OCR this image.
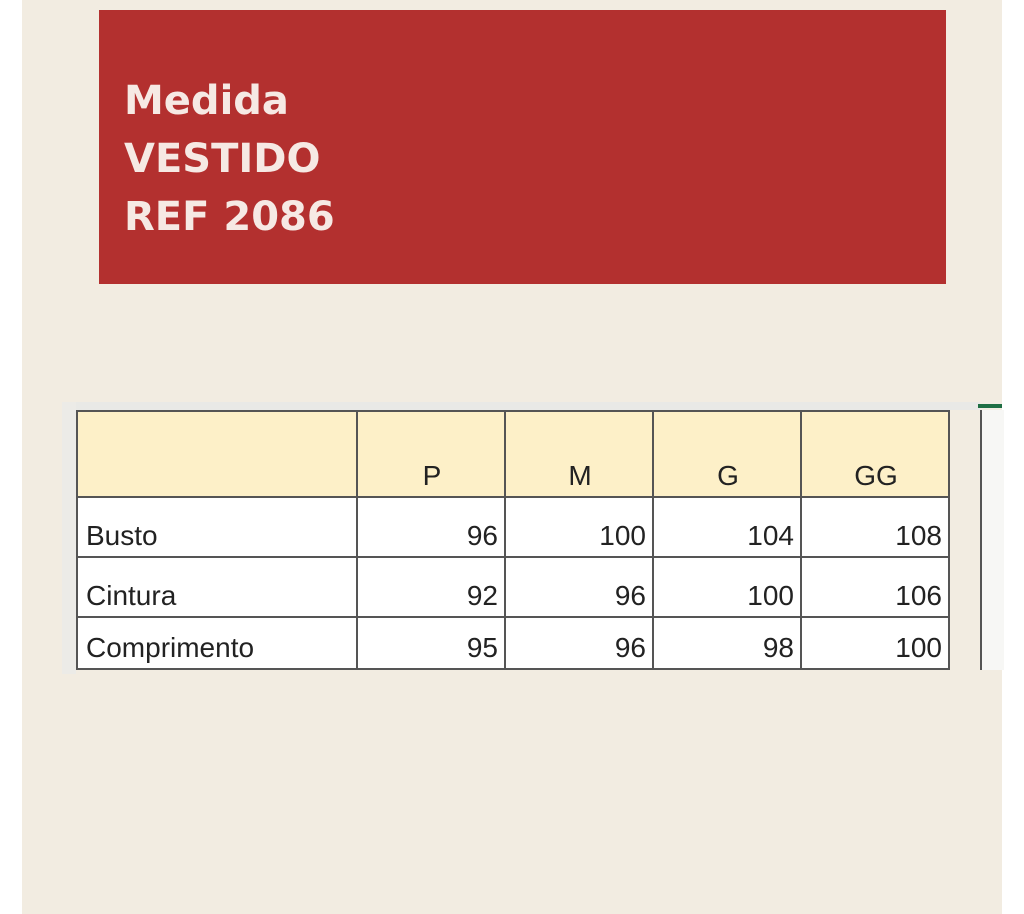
Medida
VESTIDO
REF 2086
	P	M	G	GG
Busto	96	100	104	108
Cintura	92	96	100	106
Comprimento	95	96	98	100
